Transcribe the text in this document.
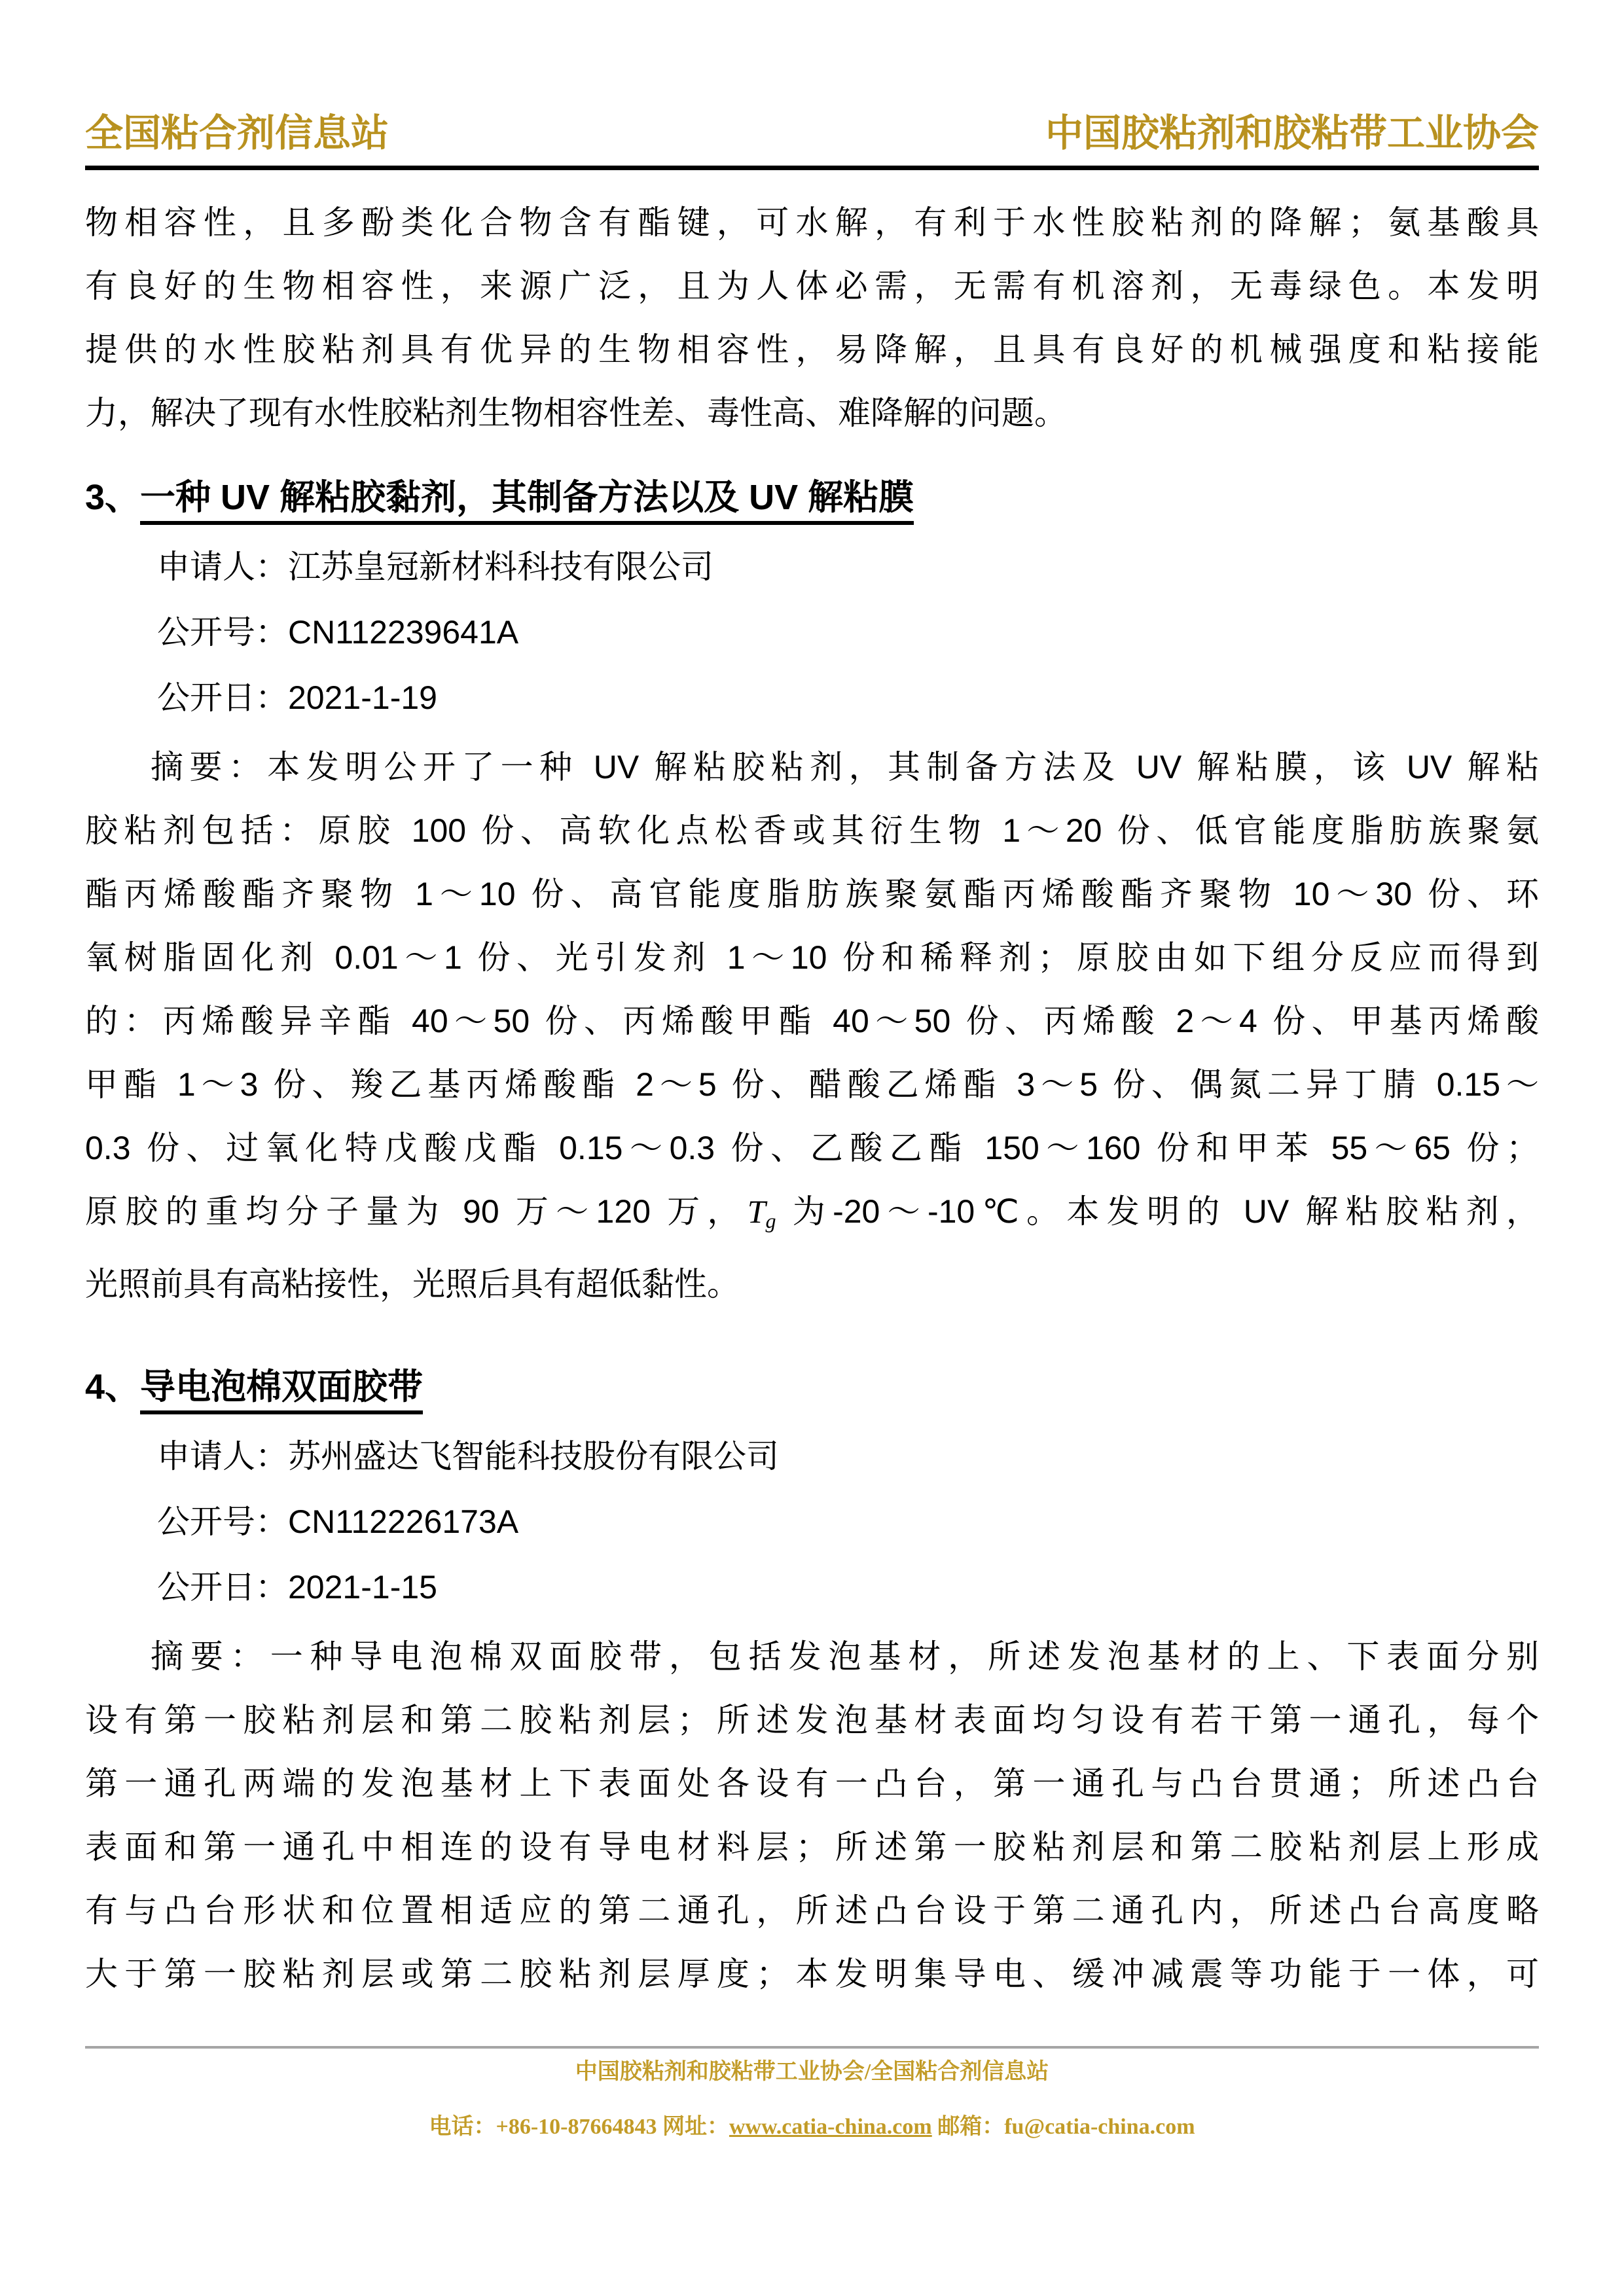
全国粘合剂信息站	中国胶粘剂和胶粘带工业协会
物相容性，且多酚类化合物含有酯键，可水解，有利于水性胶粘剂的降解；氨基酸具
有良好的生物相容性，来源广泛，且为人体必需，无需有机溶剂，无毒绿色。本发明
提供的水性胶粘剂具有优异的生物相容性，易降解，且具有良好的机械强度和粘接能
力，解决了现有水性胶粘剂生物相容性差、毒性高、难降解的问题。
3、一种 UV 解粘胶黏剂，其制备方法以及 UV 解粘膜
申请人：江苏皇冠新材料科技有限公司
公开号：CN112239641A
公开日：2021-1-19
摘要：本发明公开了一种 UV 解粘胶粘剂，其制备方法及 UV 解粘膜，该 UV 解粘
胶粘剂包括：原胶 100 份、高软化点松香或其衍生物 1～20 份、低官能度脂肪族聚氨
酯丙烯酸酯齐聚物 1～10 份、高官能度脂肪族聚氨酯丙烯酸酯齐聚物 10～30 份、环
氧树脂固化剂 0.01～1 份、光引发剂 1～10 份和稀释剂；原胶由如下组分反应而得到
的：丙烯酸异辛酯 40～50 份、丙烯酸甲酯 40～50 份、丙烯酸 2～4 份、甲基丙烯酸
甲酯 1～3 份、羧乙基丙烯酸酯 2～5 份、醋酸乙烯酯 3～5 份、偶氮二异丁腈 0.15～
0.3 份、过氧化特戊酸戊酯 0.15～0.3 份、乙酸乙酯 150～160 份和甲苯 55～65 份；
原胶的重均分子量为 90 万～120 万，Tg 为-20～-10℃。本发明的 UV 解粘胶粘剂，
光照前具有高粘接性，光照后具有超低黏性。
4、导电泡棉双面胶带
申请人：苏州盛达飞智能科技股份有限公司
公开号：CN112226173A
公开日：2021-1-15
摘要：一种导电泡棉双面胶带，包括发泡基材，所述发泡基材的上、下表面分别
设有第一胶粘剂层和第二胶粘剂层；所述发泡基材表面均匀设有若干第一通孔，每个
第一通孔两端的发泡基材上下表面处各设有一凸台，第一通孔与凸台贯通；所述凸台
表面和第一通孔中相连的设有导电材料层；所述第一胶粘剂层和第二胶粘剂层上形成
有与凸台形状和位置相适应的第二通孔，所述凸台设于第二通孔内，所述凸台高度略
大于第一胶粘剂层或第二胶粘剂层厚度；本发明集导电、缓冲减震等功能于一体，可
中国胶粘剂和胶粘带工业协会/全国粘合剂信息站
电话：+86-10-87664843 网址：www.catia-china.com 邮箱：fu@catia-china.com
